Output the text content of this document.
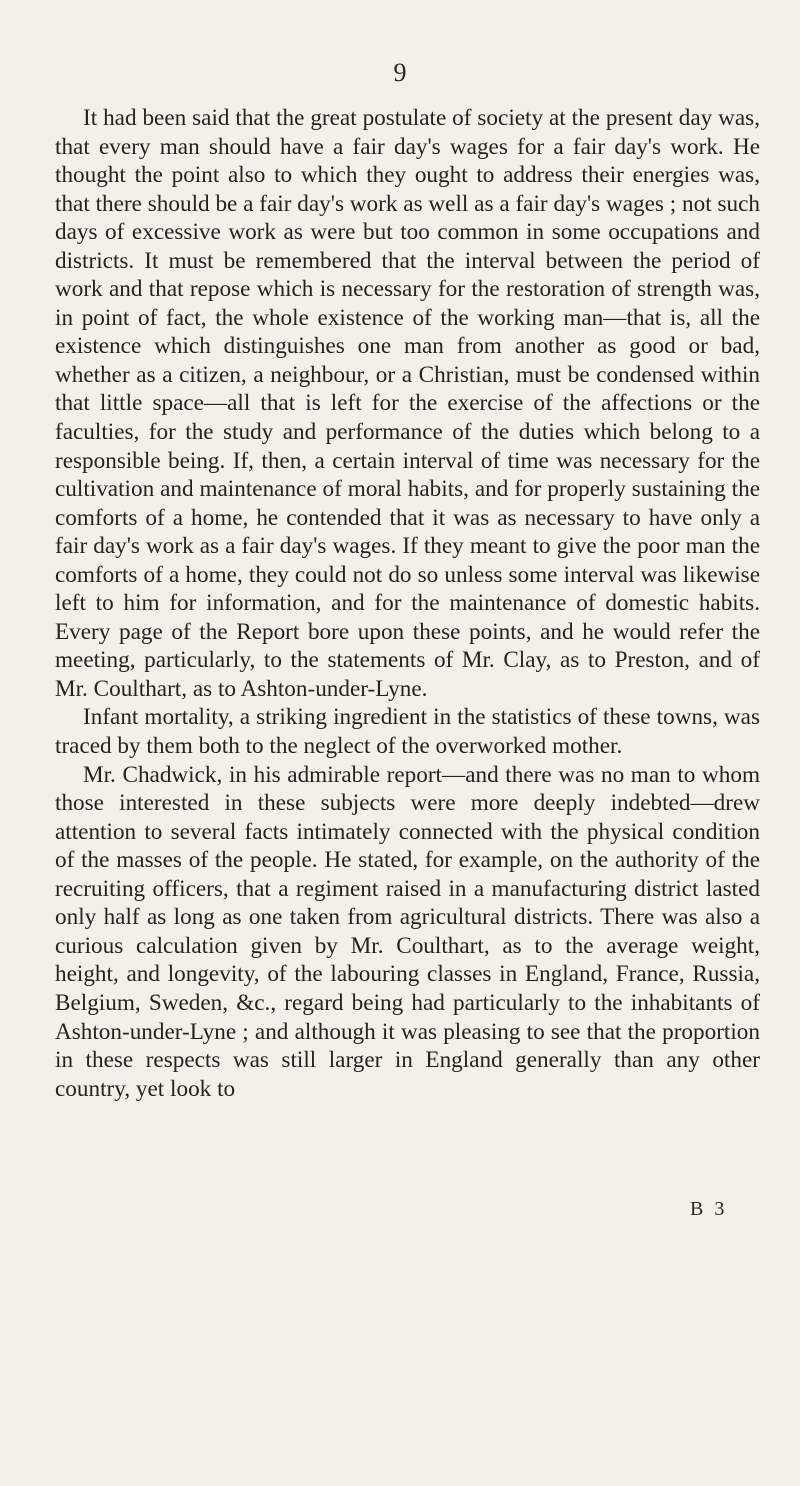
9

It had been said that the great postulate of society at the present day was, that every man should have a fair day's wages for a fair day's work. He thought the point also to which they ought to address their energies was, that there should be a fair day's work as well as a fair day's wages ; not such days of excessive work as were but too common in some occupations and districts. It must be remembered that the interval between the period of work and that repose which is necessary for the restoration of strength was, in point of fact, the whole existence of the working man—that is, all the existence which distinguishes one man from another as good or bad, whether as a citizen, a neighbour, or a Christian, must be condensed within that little space—all that is left for the exercise of the affections or the faculties, for the study and performance of the duties which belong to a responsible being. If, then, a certain interval of time was necessary for the cultivation and maintenance of moral habits, and for properly sustaining the comforts of a home, he contended that it was as necessary to have only a fair day's work as a fair day's wages. If they meant to give the poor man the comforts of a home, they could not do so unless some interval was likewise left to him for information, and for the maintenance of domestic habits. Every page of the Report bore upon these points, and he would refer the meeting, particularly, to the statements of Mr. Clay, as to Preston, and of Mr. Coulthart, as to Ashton-under-Lyne.

Infant mortality, a striking ingredient in the statistics of these towns, was traced by them both to the neglect of the overworked mother.

Mr. Chadwick, in his admirable report—and there was no man to whom those interested in these subjects were more deeply indebted—drew attention to several facts intimately connected with the physical condition of the masses of the people. He stated, for example, on the authority of the recruiting officers, that a regiment raised in a manufacturing district lasted only half as long as one taken from agricultural districts. There was also a curious calculation given by Mr. Coulthart, as to the average weight, height, and longevity, of the labouring classes in England, France, Russia, Belgium, Sweden, &c., regard being had particularly to the inhabitants of Ashton-under-Lyne ; and although it was pleasing to see that the proportion in these respects was still larger in England generally than any other country, yet look to

B 3
